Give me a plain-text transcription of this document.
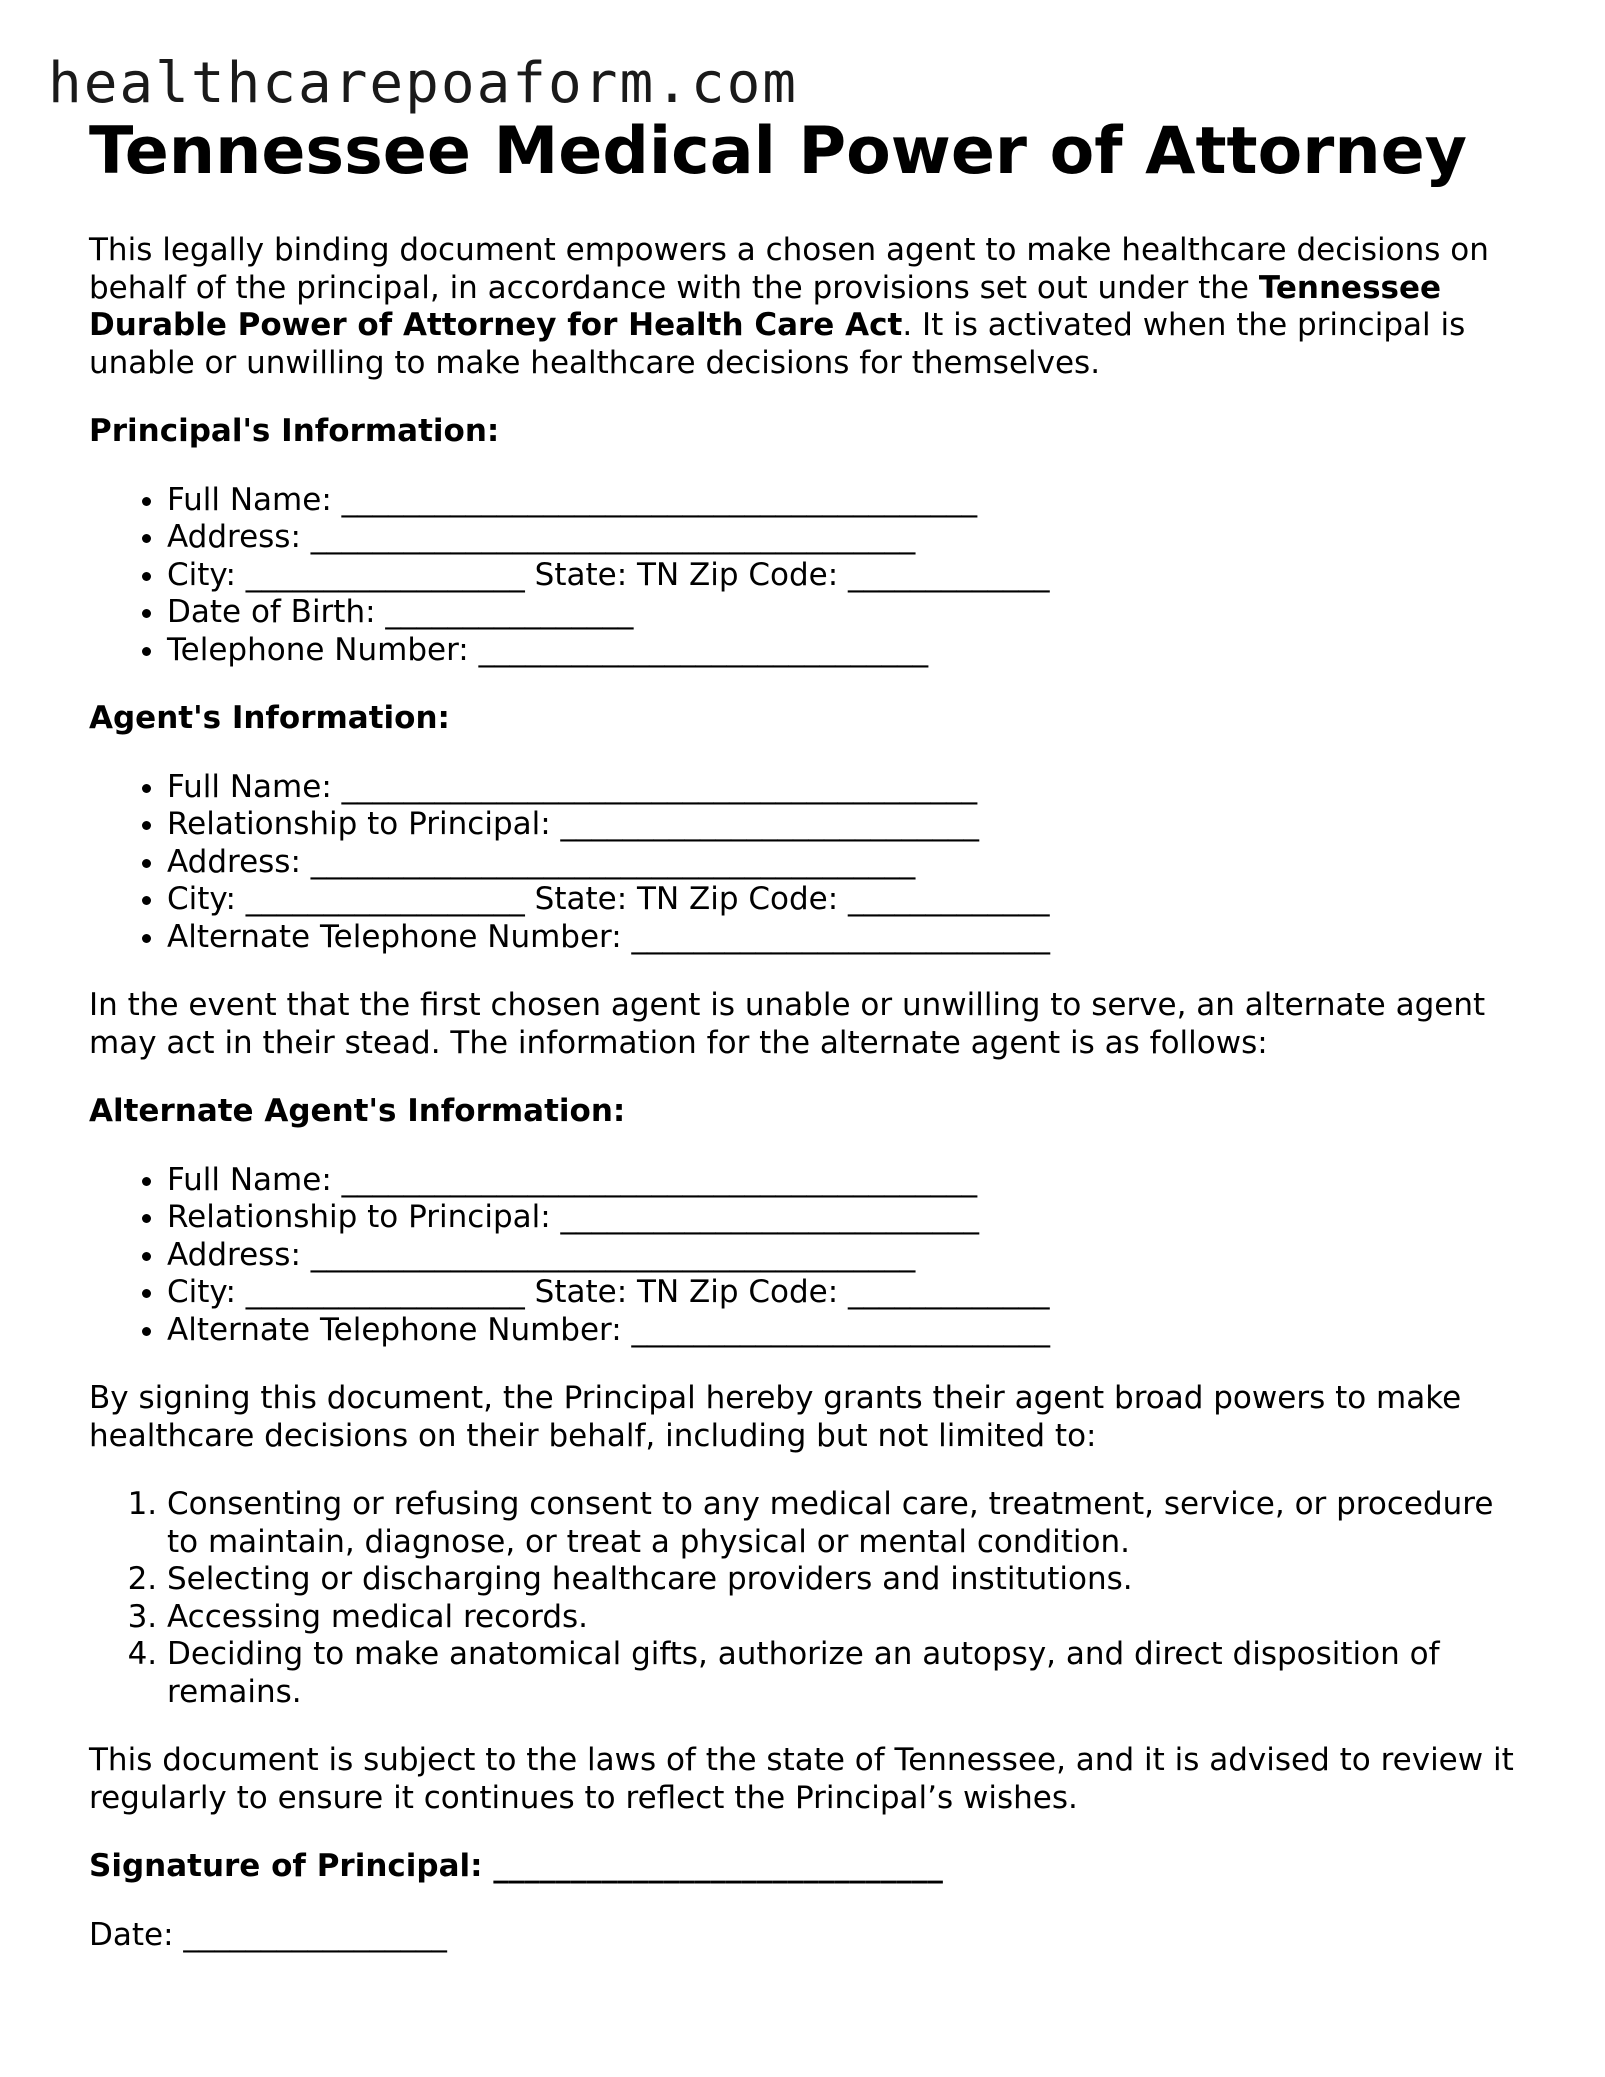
healthcarepoaform.com
Tennessee Medical Power of Attorney

This legally binding document empowers a chosen agent to make healthcare decisions on behalf of the principal, in accordance with the provisions set out under the Tennessee Durable Power of Attorney for Health Care Act. It is activated when the principal is unable or unwilling to make healthcare decisions for themselves.

Principal's Information:

• Full Name: _________________________________________
• Address: _______________________________________
• City: __________________ State: TN Zip Code: _____________
• Date of Birth: ________________
• Telephone Number: _____________________________

Agent's Information:

• Full Name: _________________________________________
• Relationship to Principal: ___________________________
• Address: _______________________________________
• City: __________________ State: TN Zip Code: _____________
• Alternate Telephone Number: ___________________________

In the event that the first chosen agent is unable or unwilling to serve, an alternate agent may act in their stead. The information for the alternate agent is as follows:

Alternate Agent's Information:

• Full Name: _________________________________________
• Relationship to Principal: ___________________________
• Address: _______________________________________
• City: __________________ State: TN Zip Code: _____________
• Alternate Telephone Number: ___________________________

By signing this document, the Principal hereby grants their agent broad powers to make healthcare decisions on their behalf, including but not limited to:

1. Consenting or refusing consent to any medical care, treatment, service, or procedure to maintain, diagnose, or treat a physical or mental condition.
2. Selecting or discharging healthcare providers and institutions.
3. Accessing medical records.
4. Deciding to make anatomical gifts, authorize an autopsy, and direct disposition of remains.

This document is subject to the laws of the state of Tennessee, and it is advised to review it regularly to ensure it continues to reflect the Principal’s wishes.

Signature of Principal: _____________________________

Date: _________________
